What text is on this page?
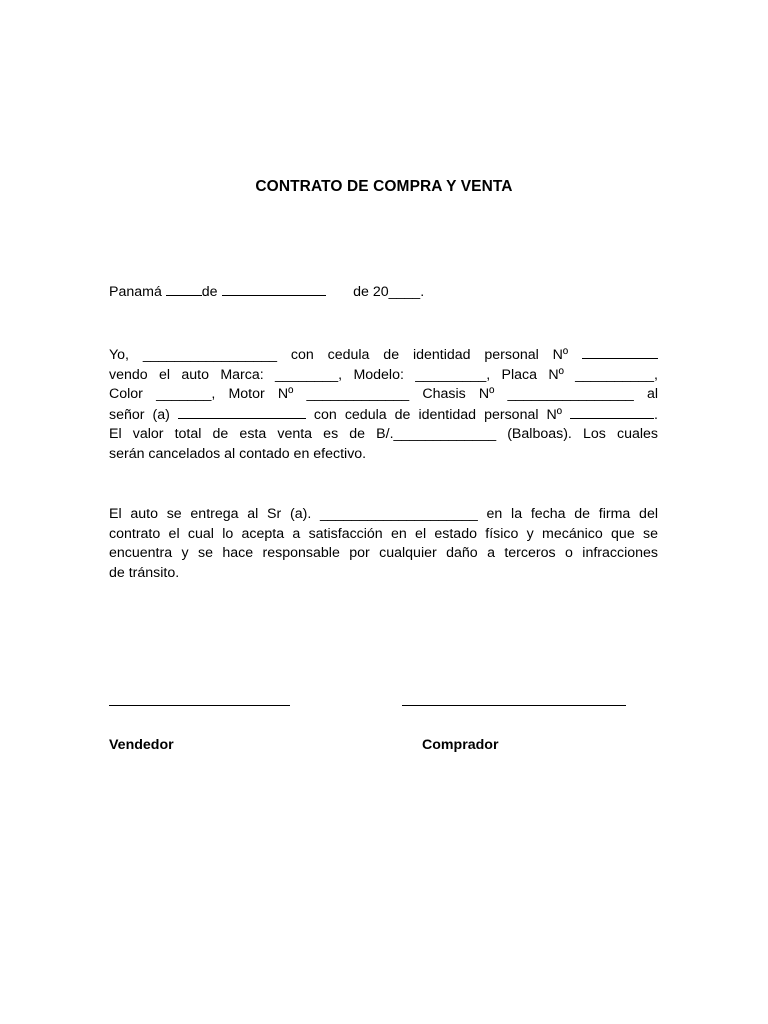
CONTRATO DE COMPRA Y VENTA
Panamá	de	de 20____.
Yo, _________________ con cedula de identidad personal Nº
vendo el auto Marca: ________, Modelo: _________, Placa Nº __________,
Color _______, Motor Nº _____________ Chasis Nº ________________ al
señor (a)	con cedula de identidad personal Nº	.
El valor total de esta venta es de B/._____________ (Balboas). Los cuales
serán cancelados al contado en efectivo.
El auto se entrega al Sr (a). ____________________ en la fecha de firma del
contrato el cual lo acepta a satisfacción en el estado físico y mecánico que se
encuentra y se hace responsable por cualquier daño a terceros o infracciones
de tránsito.
Vendedor	Comprador
